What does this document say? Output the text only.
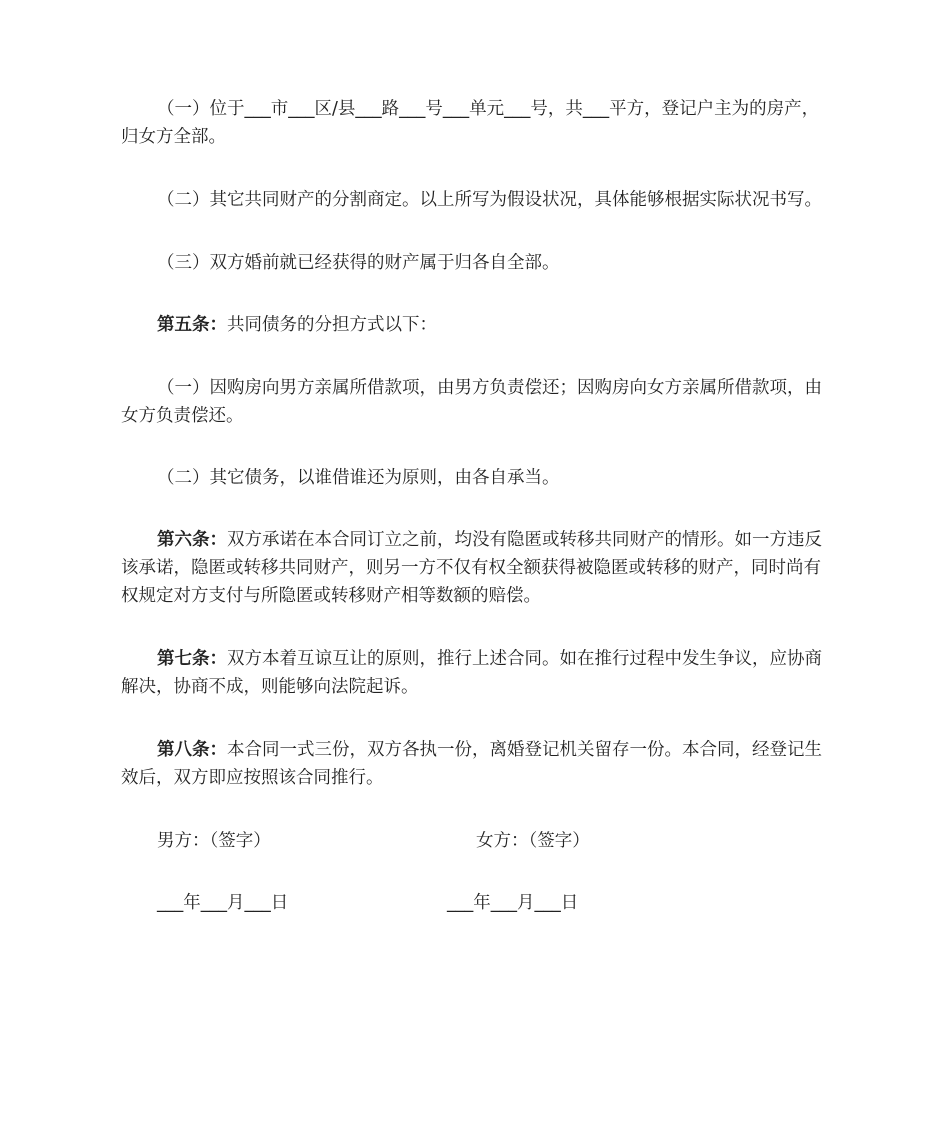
（一）位于___市___区/县___路___号___单元___号，共___平方，登记户主为的房产，归女方全部。

（二）其它共同财产的分割商定。以上所写为假设状况，具体能够根据实际状况书写。

（三）双方婚前就已经获得的财产属于归各自全部。

第五条：共同债务的分担方式以下：

（一）因购房向男方亲属所借款项，由男方负责偿还；因购房向女方亲属所借款项，由女方负责偿还。

（二）其它债务，以谁借谁还为原则，由各自承当。

第六条：双方承诺在本合同订立之前，均没有隐匿或转移共同财产的情形。如一方违反该承诺，隐匿或转移共同财产，则另一方不仅有权全额获得被隐匿或转移的财产，同时尚有权规定对方支付与所隐匿或转移财产相等数额的赔偿。

第七条：双方本着互谅互让的原则，推行上述合同。如在推行过程中发生争议，应协商解决，协商不成，则能够向法院起诉。

第八条：本合同一式三份，双方各执一份，离婚登记机关留存一份。本合同，经登记生效后，双方即应按照该合同推行。

男方：（签字）	女方：（签字）
___年___月___日	___年___月___日
